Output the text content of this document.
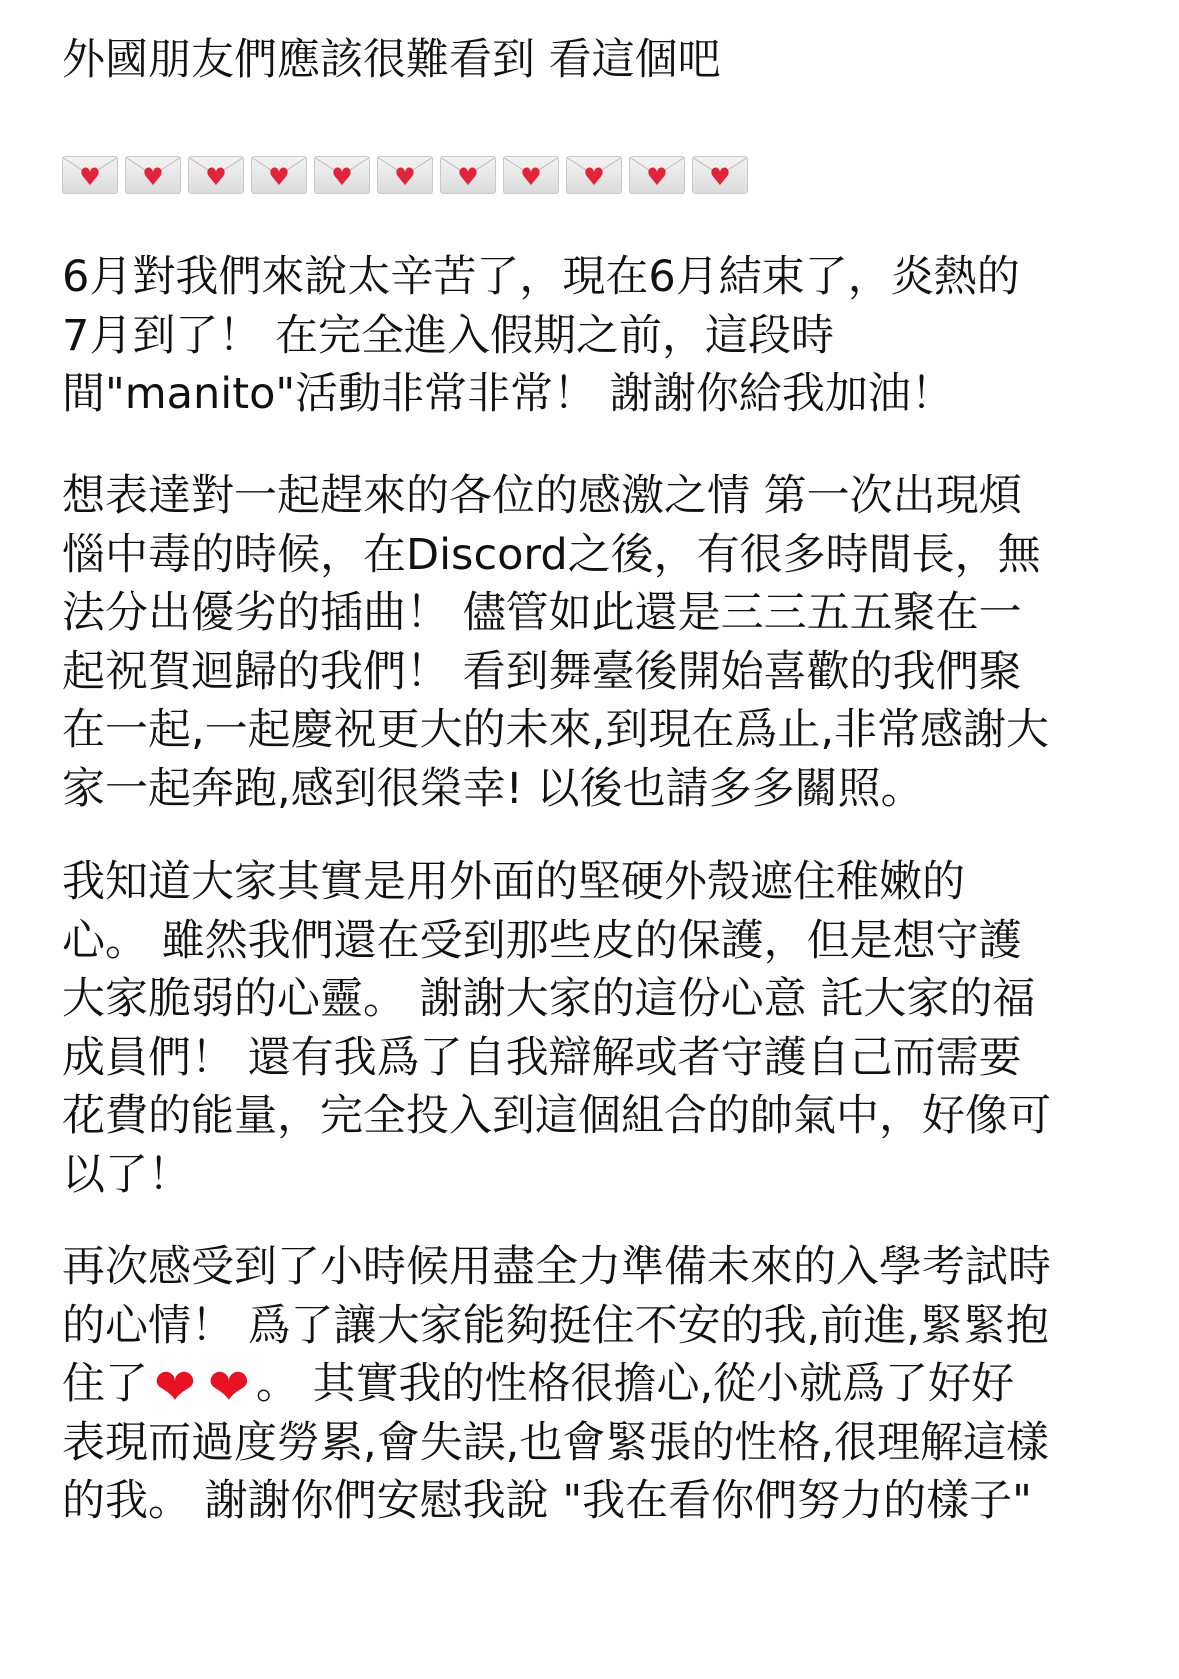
外國朋友們應該很難看到 看這個吧
♥ ♥ ♥ ♥ ♥ ♥ ♥ ♥ ♥ ♥ ♥
6月對我們來說太辛苦了，現在6月結束了，炎熱的
7月到了！ 在完全進入假期之前，這段時
間"manito"活動非常非常！ 謝謝你給我加油！
想表達對一起趕來的各位的感激之情 第一次出現煩
惱中毒的時候，在Discord之後，有很多時間長，無
法分出優劣的插曲！ 儘管如此還是三三五五聚在一
起祝賀迴歸的我們！ 看到舞臺後開始喜歡的我們聚
在一起,一起慶祝更大的未來,到現在爲止,非常感謝大
家一起奔跑,感到很榮幸! 以後也請多多關照。
我知道大家其實是用外面的堅硬外殼遮住稚嫩的
心。 雖然我們還在受到那些皮的保護，但是想守護
大家脆弱的心靈。 謝謝大家的這份心意 託大家的福
成員們！ 還有我爲了自我辯解或者守護自己而需要
花費的能量，完全投入到這個組合的帥氣中，好像可
以了！
再次感受到了小時候用盡全力準備未來的入學考試時
的心情！ 爲了讓大家能夠挺住不安的我,前進,緊緊抱
住了 ❤ ❤ 。 其實我的性格很擔心,從小就爲了好好
表現而過度勞累,會失誤,也會緊張的性格,很理解這樣
的我。 謝謝你們安慰我說 "我在看你們努力的樣子"
